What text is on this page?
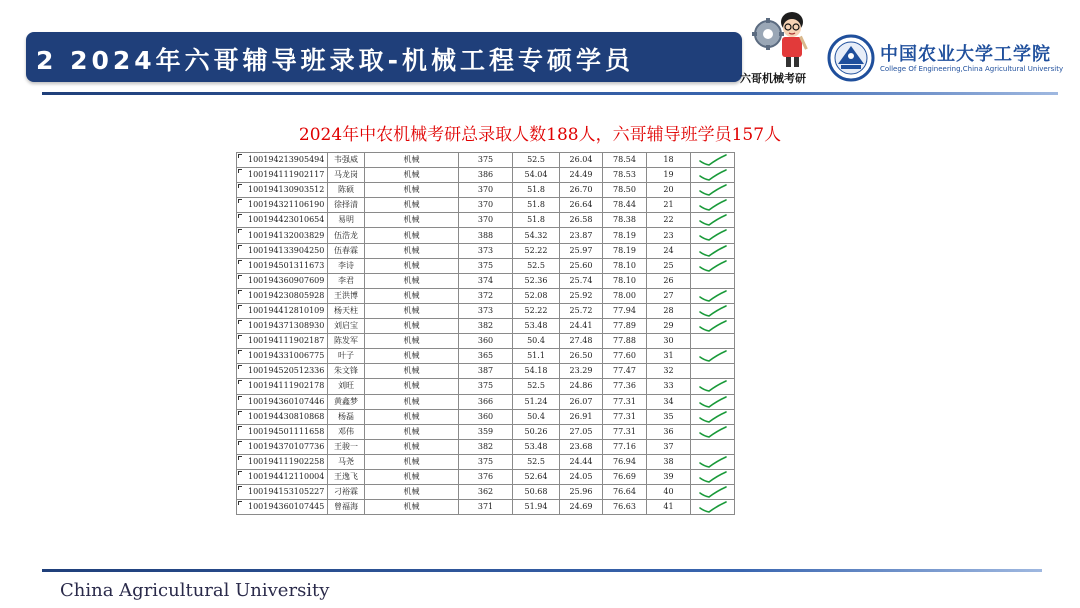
2 2024年六哥辅导班录取-机械工程专硕学员
六哥机械考研
中国农业大学工学院
College Of Engineering,China Agricultural University
2024年中农机械考研总录取人数188人，六哥辅导班学员157人
100194213905494	韦强威	机械	375	52.5	26.04	78.54	18	

100194111902117	马龙岗	机械	386	54.04	24.49	78.53	19	

100194130903512	陈硕	机械	370	51.8	26.70	78.50	20	

100194321106190	徐择清	机械	370	51.8	26.64	78.44	21	

100194423010654	易明	机械	370	51.8	26.58	78.38	22	

100194132003829	伍浩龙	机械	388	54.32	23.87	78.19	23	

100194133904250	伍春霖	机械	373	52.22	25.97	78.19	24	

100194501311673	李诗	机械	375	52.5	25.60	78.10	25	

100194360907609	李君	机械	374	52.36	25.74	78.10	26	
100194230805928	王洪博	机械	372	52.08	25.92	78.00	27	

100194412810109	杨天柱	机械	373	52.22	25.72	77.94	28	

100194371308930	刘启宝	机械	382	53.48	24.41	77.89	29	

100194111902187	陈发军	机械	360	50.4	27.48	77.88	30	
100194331006775	叶子	机械	365	51.1	26.50	77.60	31	

100194520512336	朱文锋	机械	387	54.18	23.29	77.47	32	
100194111902178	刘旺	机械	375	52.5	24.86	77.36	33	

100194360107446	黄鑫梦	机械	366	51.24	26.07	77.31	34	

100194430810868	杨磊	机械	360	50.4	26.91	77.31	35	

100194501111658	邓伟	机械	359	50.26	27.05	77.31	36	

100194370107736	王骏一	机械	382	53.48	23.68	77.16	37	
100194111902258	马尧	机械	375	52.5	24.44	76.94	38	

100194412110004	王逸飞	机械	376	52.64	24.05	76.69	39	

100194153105227	刁裕霖	机械	362	50.68	25.96	76.64	40	

100194360107445	曾福海	机械	371	51.94	24.69	76.63	41	
China Agricultural University
